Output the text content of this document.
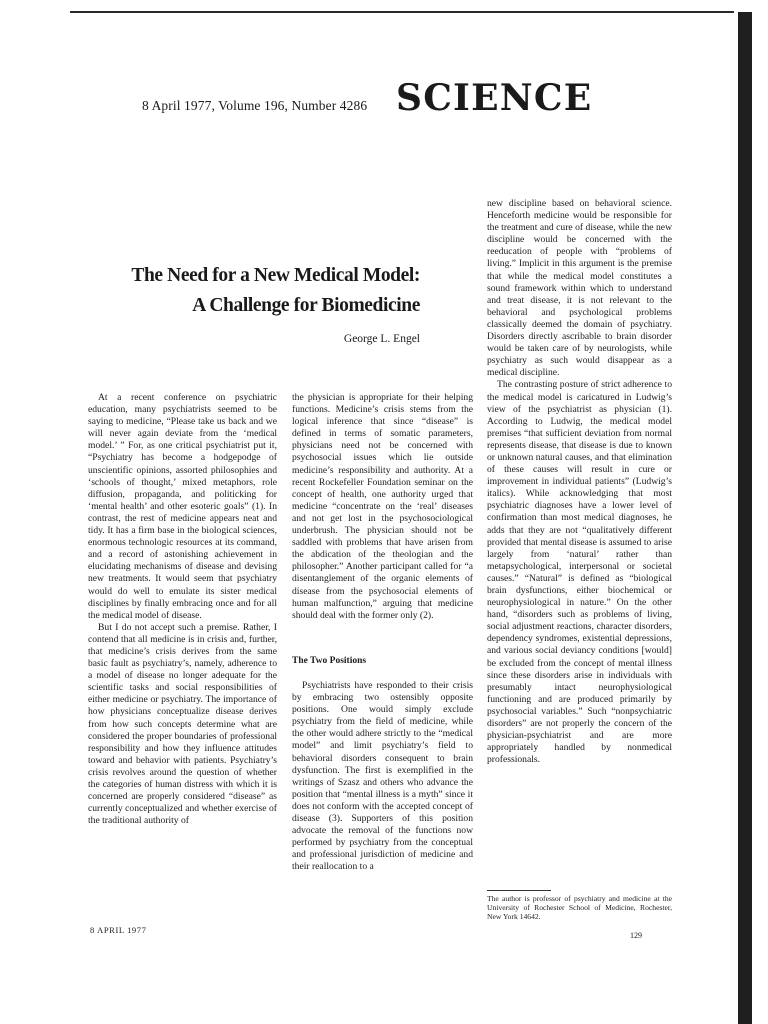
8 April 1977, Volume 196, Number 4286 SCIENCE
The Need for a New Medical Model:
A Challenge for Biomedicine
George L. Engel

At a recent conference on psychiatric education, many psychiatrists seemed to be saying to medicine, “Please take us back and we will never again deviate from the ‘medical model.’ ” For, as one critical psychiatrist put it, “Psychiatry has become a hodgepodge of unscientific opinions, assorted philosophies and ‘schools of thought,’ mixed metaphors, role diffusion, propaganda, and politicking for ‘mental health’ and other esoteric goals” (1). In contrast, the rest of medicine appears neat and tidy. It has a firm base in the biological sciences, enormous technologic resources at its command, and a record of astonishing achievement in elucidating mechanisms of disease and devising new treatments. It would seem that psychiatry would do well to emulate its sister medical disciplines by finally embracing once and for all the medical model of disease.

But I do not accept such a premise. Rather, I contend that all medicine is in crisis and, further, that medicine’s crisis derives from the same basic fault as psychiatry’s, namely, adherence to a model of disease no longer adequate for the scientific tasks and social responsibilities of either medicine or psychiatry. The importance of how physicians conceptualize disease derives from how such concepts determine what are considered the proper boundaries of professional responsibility and how they influence attitudes toward and behavior with patients. Psychiatry’s crisis revolves around the question of whether the categories of human distress with which it is concerned are properly considered “disease” as currently conceptualized and whether exercise of the traditional authority of

the physician is appropriate for their helping functions. Medicine’s crisis stems from the logical inference that since “disease” is defined in terms of somatic parameters, physicians need not be concerned with psychosocial issues which lie outside medicine’s responsibility and authority. At a recent Rockefeller Foundation seminar on the concept of health, one authority urged that medicine “concentrate on the ‘real’ diseases and not get lost in the psychosociological underbrush. The physician should not be saddled with problems that have arisen from the abdication of the theologian and the philosopher.” Another participant called for “a disentanglement of the organic elements of disease from the psychosocial elements of human malfunction,” arguing that medicine should deal with the former only (2).

The Two Positions

Psychiatrists have responded to their crisis by embracing two ostensibly opposite positions. One would simply exclude psychiatry from the field of medicine, while the other would adhere strictly to the “medical model” and limit psychiatry’s field to behavioral disorders consequent to brain dysfunction. The first is exemplified in the writings of Szasz and others who advance the position that “mental illness is a myth” since it does not conform with the accepted concept of disease (3). Supporters of this position advocate the removal of the functions now performed by psychiatry from the conceptual and professional jurisdiction of medicine and their reallocation to a

new discipline based on behavioral science. Henceforth medicine would be responsible for the treatment and cure of disease, while the new discipline would be concerned with the reeducation of people with “problems of living.” Implicit in this argument is the premise that while the medical model constitutes a sound framework within which to understand and treat disease, it is not relevant to the behavioral and psychological problems classically deemed the domain of psychiatry. Disorders directly ascribable to brain disorder would be taken care of by neurologists, while psychiatry as such would disappear as a medical discipline.

The contrasting posture of strict adherence to the medical model is caricatured in Ludwig’s view of the psychiatrist as physician (1). According to Ludwig, the medical model premises “that sufficient deviation from normal represents disease, that disease is due to known or unknown natural causes, and that elimination of these causes will result in cure or improvement in individual patients” (Ludwig’s italics). While acknowledging that most psychiatric diagnoses have a lower level of confirmation than most medical diagnoses, he adds that they are not “qualitatively different provided that mental disease is assumed to arise largely from ‘natural’ rather than metapsychological, interpersonal or societal causes.” “Natural” is defined as “biological brain dysfunctions, either biochemical or neurophysiological in nature.” On the other hand, “disorders such as problems of living, social adjustment reactions, character disorders, dependency syndromes, existential depressions, and various social deviancy conditions [would] be excluded from the concept of mental illness since these disorders arise in individuals with presumably intact neurophysiological functioning and are produced primarily by psychosocial variables.” Such “nonpsychiatric disorders” are not properly the concern of the physician-psychiatrist and are more appropriately handled by nonmedical professionals.

The author is professor of psychiatry and medicine at the University of Rochester School of Medicine, Rochester, New York 14642.
8 APRIL 1977
129
